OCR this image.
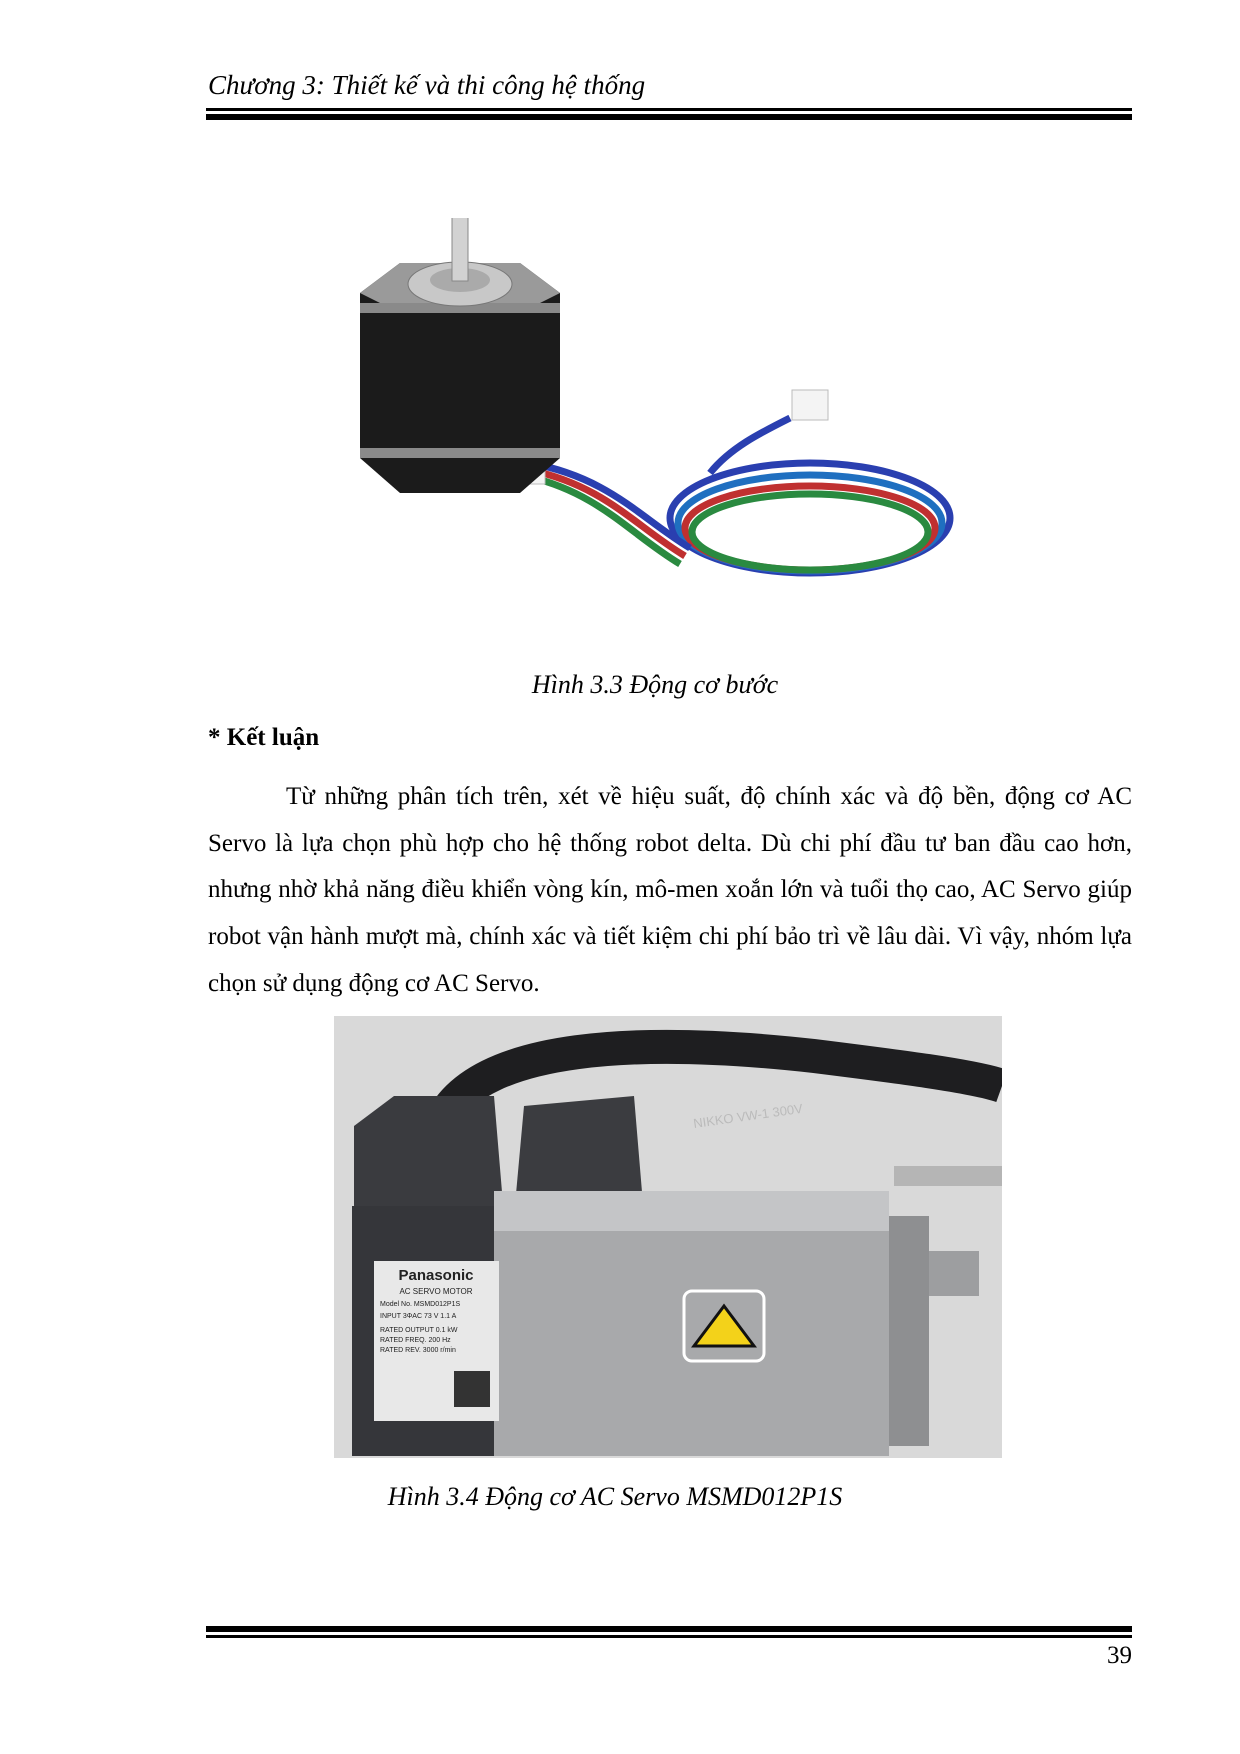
Chương 3: Thiết kế và thi công hệ thống
Hình 3.3 Động cơ bước
* Kết luận
Từ những phân tích trên, xét về hiệu suất, độ chính xác và độ bền, động cơ AC Servo là lựa chọn phù hợp cho hệ thống robot delta. Dù chi phí đầu tư ban đầu cao hơn, nhưng nhờ khả năng điều khiển vòng kín, mô-men xoắn lớn và tuổi thọ cao, AC Servo giúp robot vận hành mượt mà, chính xác và tiết kiệm chi phí bảo trì về lâu dài. Vì vậy, nhóm lựa chọn sử dụng động cơ AC Servo.
NIKKO VW-1 300V
Panasonic
AC SERVO MOTOR
Model No. MSMD012P1S
INPUT 3ΦAC 73 V 1.1 A
RATED OUTPUT 0.1 kW
RATED FREQ. 200 Hz
RATED REV. 3000 r/min
Hình 3.4 Động cơ AC Servo MSMD012P1S
39
